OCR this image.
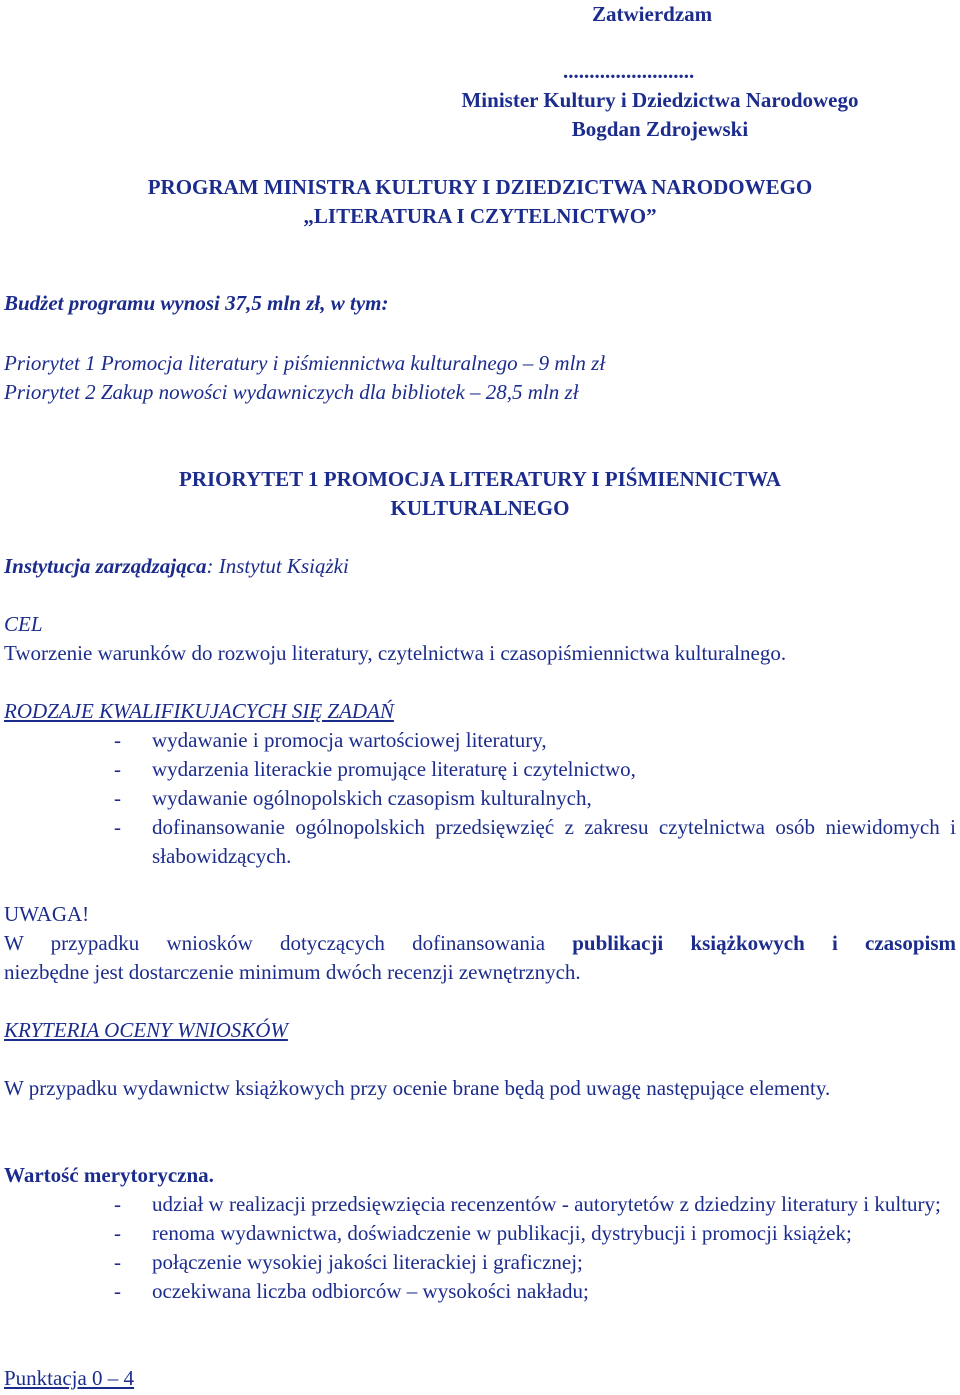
Zatwierdzam
.........................
Minister Kultury i Dziedzictwa Narodowego
Bogdan Zdrojewski
PROGRAM MINISTRA KULTURY I DZIEDZICTWA NARODOWEGO
„LITERATURA I CZYTELNICTWO”
Budżet programu wynosi 37,5 mln zł, w tym:
Priorytet 1 Promocja literatury i piśmiennictwa kulturalnego – 9 mln zł
Priorytet 2 Zakup nowości wydawniczych dla bibliotek – 28,5 mln zł
PRIORYTET 1 PROMOCJA LITERATURY I PIŚMIENNICTWA
KULTURALNEGO
Instytucja zarządzająca: Instytut Książki
CEL
Tworzenie warunków do rozwoju literatury, czytelnictwa i czasopiśmiennictwa kulturalnego.
RODZAJE KWALIFIKUJACYCH SIĘ ZADAŃ
- wydawanie i promocja wartościowej literatury,
- wydarzenia literackie promujące literaturę i czytelnictwo,
- wydawanie ogólnopolskich czasopism kulturalnych,
- dofinansowanie ogólnopolskich przedsięwzięć z zakresu czytelnictwa osób niewidomych i słabowidzących.
UWAGA!
W przypadku wniosków dotyczących dofinansowania publikacji książkowych i czasopism
niezbędne jest dostarczenie minimum dwóch recenzji zewnętrznych.
KRYTERIA OCENY WNIOSKÓW
W przypadku wydawnictw książkowych przy ocenie brane będą pod uwagę następujące elementy.
Wartość merytoryczna.
- udział w realizacji przedsięwzięcia recenzentów - autorytetów z dziedziny literatury i kultury;
- renoma wydawnictwa, doświadczenie w publikacji, dystrybucji i promocji książek;
- połączenie wysokiej jakości literackiej i graficznej;
- oczekiwana liczba odbiorców – wysokości nakładu;
Punktacja 0 – 4
